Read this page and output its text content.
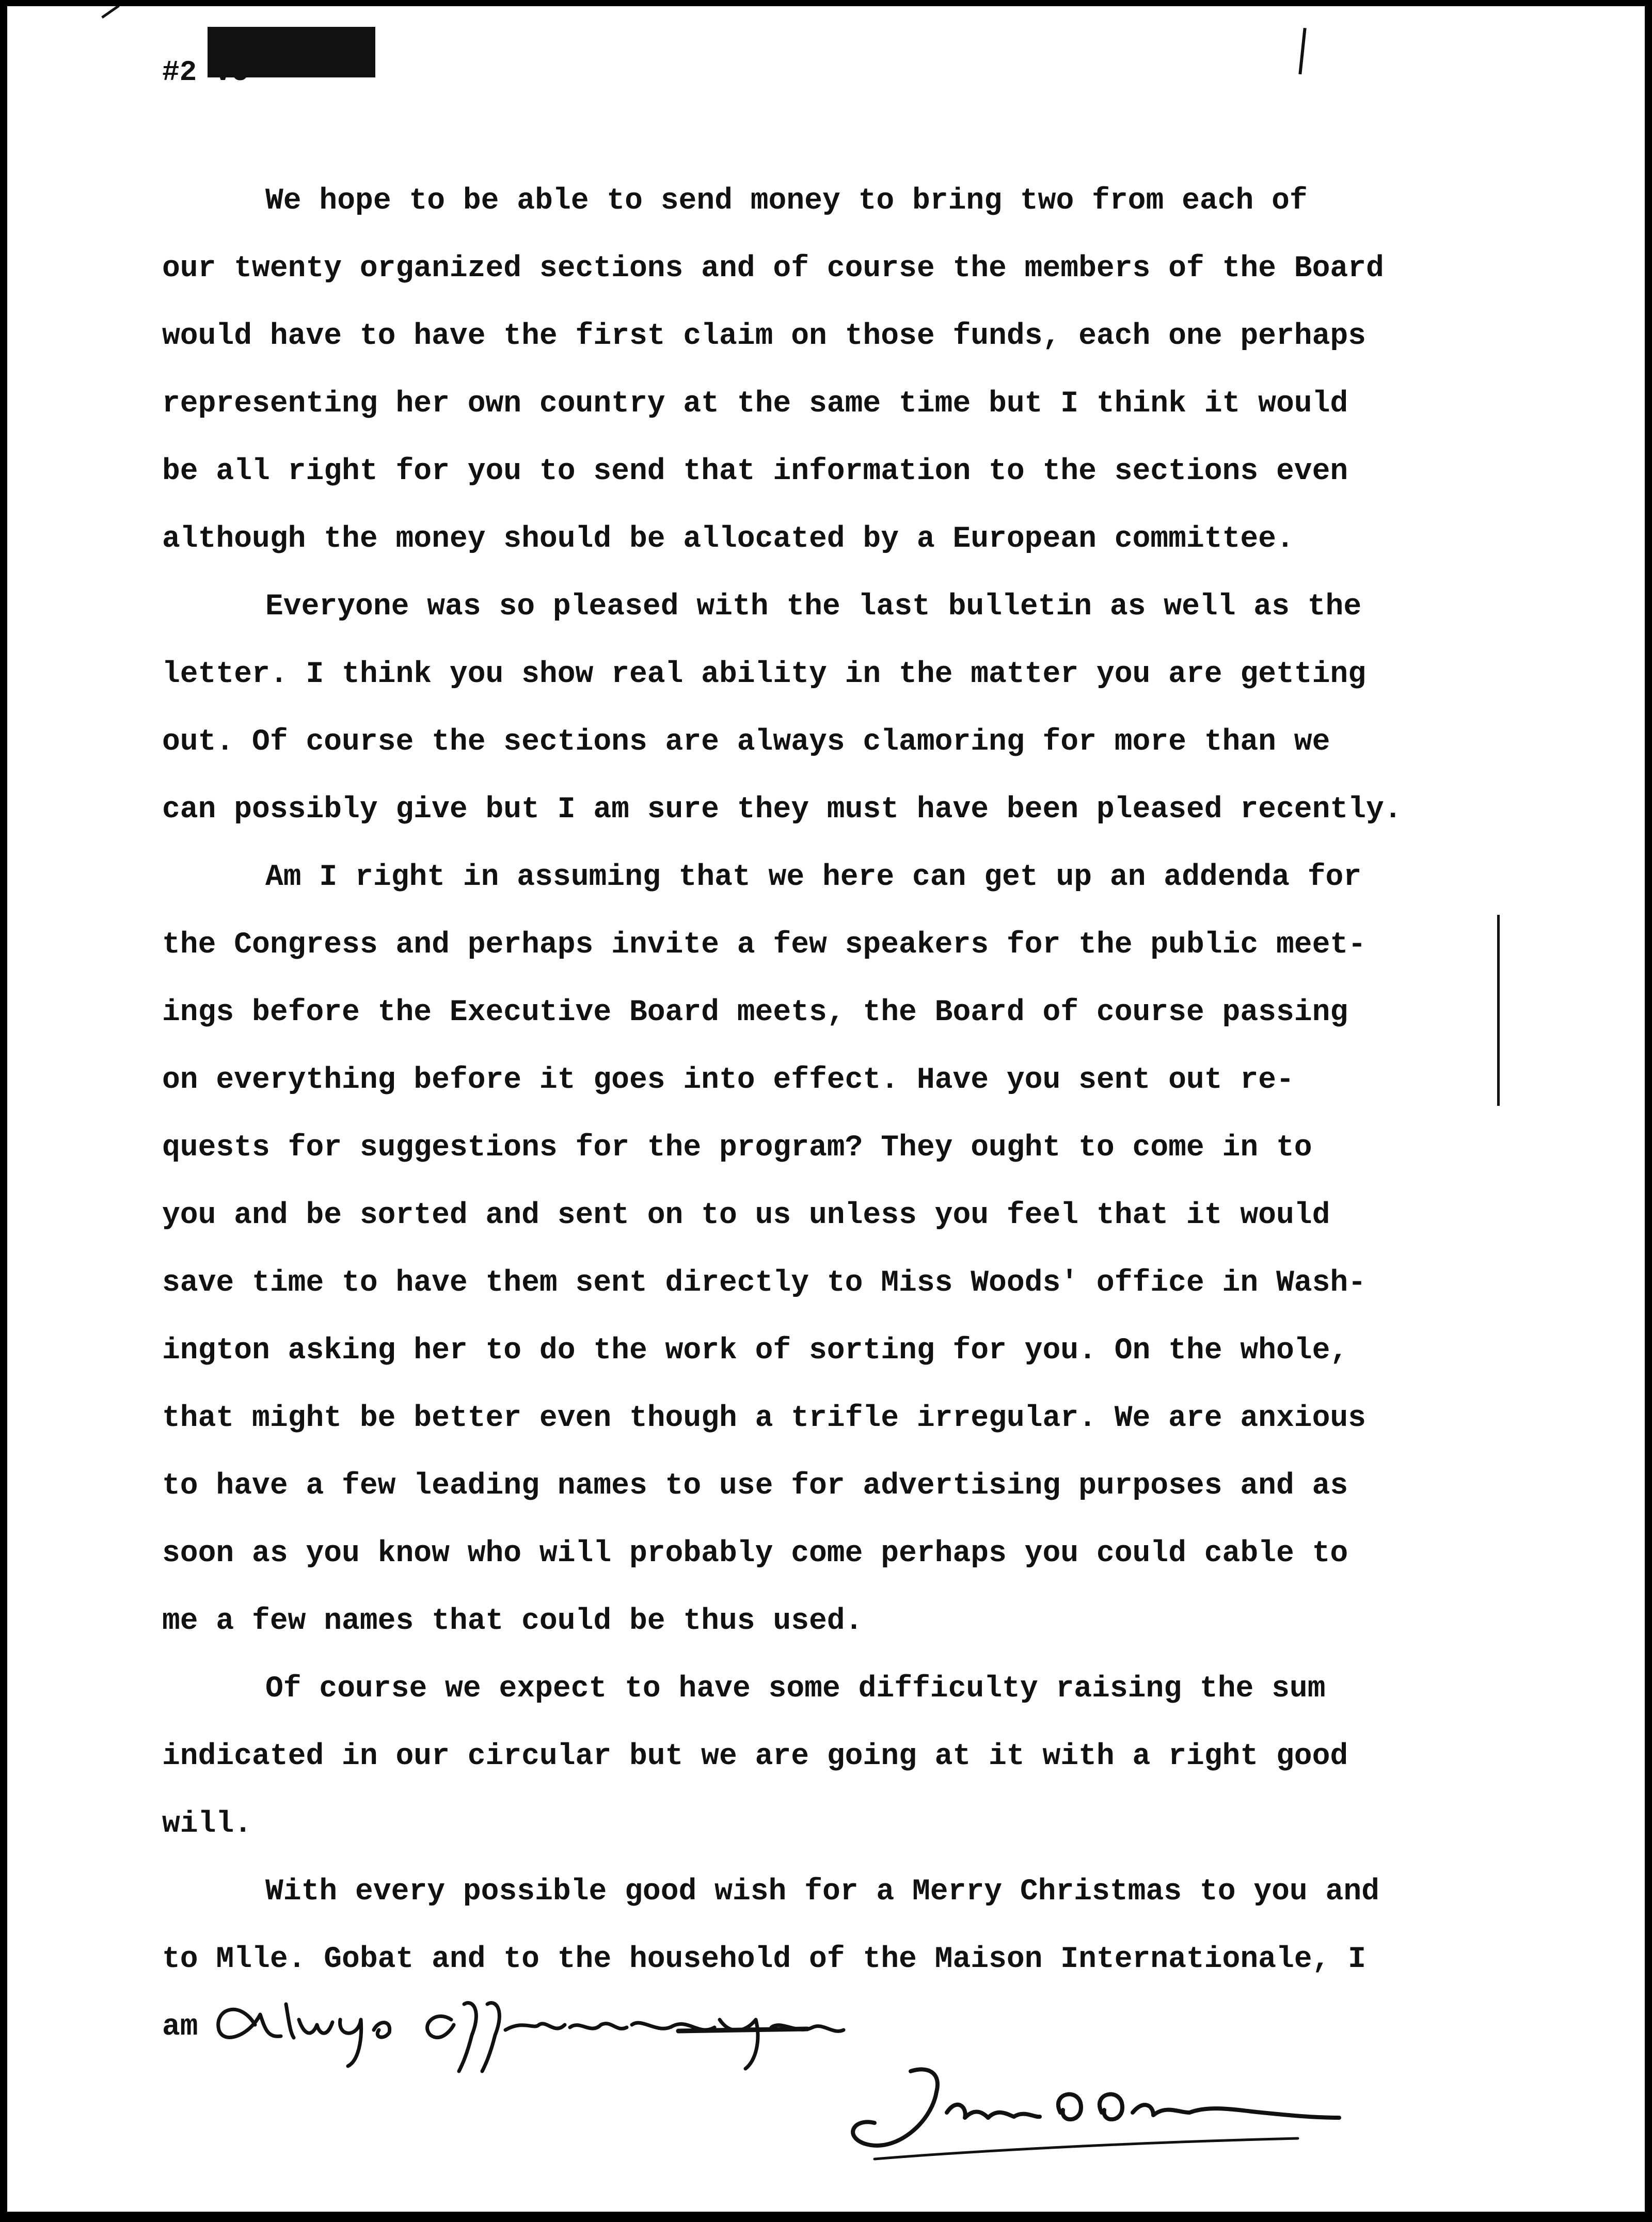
#2 VO
We hope to be able to send money to bring two from each of
our twenty organized sections and of course the members of the Board
would have to have the first claim on those funds, each one perhaps
representing her own country at the same time but I think it would
be all right for you to send that information to the sections even
although the money should be allocated by a European committee.
Everyone was so pleased with the last bulletin as well as the
letter. I think you show real ability in the matter you are getting
out. Of course the sections are always clamoring for more than we
can possibly give but I am sure they must have been pleased recently.
Am I right in assuming that we here can get up an addenda for
the Congress and perhaps invite a few speakers for the public meet-
ings before the Executive Board meets, the Board of course passing
on everything before it goes into effect. Have you sent out re-
quests for suggestions for the program? They ought to come in to
you and be sorted and sent on to us unless you feel that it would
save time to have them sent directly to Miss Woods' office in Wash-
ington asking her to do the work of sorting for you. On the whole,
that might be better even though a trifle irregular. We are anxious
to have a few leading names to use for advertising purposes and as
soon as you know who will probably come perhaps you could cable to
me a few names that could be thus used.
Of course we expect to have some difficulty raising the sum
indicated in our circular but we are going at it with a right good
will.
With every possible good wish for a Merry Christmas to you and
to Mlle. Gobat and to the household of the Maison Internationale, I
am
